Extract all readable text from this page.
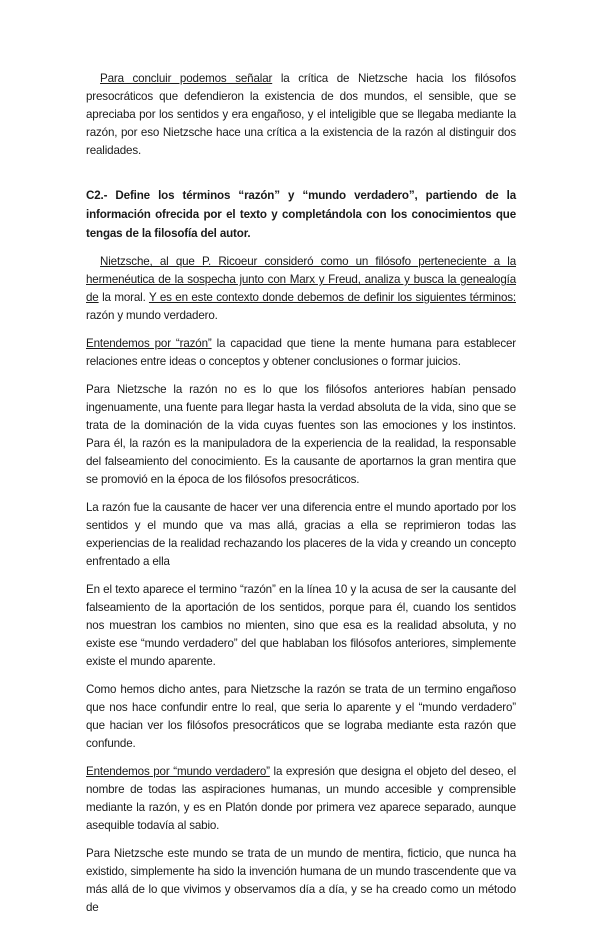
Para concluir podemos señalar la crítica de Nietzsche hacia los filósofos presocráticos que defendieron la existencia de dos mundos, el sensible, que se apreciaba por los sentidos y era engañoso, y el inteligible que se llegaba mediante la razón, por eso Nietzsche hace una crítica a la existencia de la razón al distinguir dos realidades.

C2.- Define los términos “razón” y “mundo verdadero”, partiendo de la información ofrecida por el texto y completándola con los conocimientos que tengas de la filosofía del autor.

Nietzsche, al que P. Ricoeur consideró como un filósofo perteneciente a la hermenéutica de la sospecha junto con Marx y Freud, analiza y busca la genealogía de la moral. Y es en este contexto donde debemos de definir los siguientes términos: razón y mundo verdadero.

Entendemos por “razón” la capacidad que tiene la mente humana para establecer relaciones entre ideas o conceptos y obtener conclusiones o formar juicios.

Para Nietzsche la razón no es lo que los filósofos anteriores habían pensado ingenuamente, una fuente para llegar hasta la verdad absoluta de la vida, sino que se trata de la dominación de la vida cuyas fuentes son las emociones y los instintos. Para él, la razón es la manipuladora de la experiencia de la realidad, la responsable del falseamiento del conocimiento. Es la causante de aportarnos la gran mentira que se promovió en la época de los filósofos presocráticos.

La razón fue la causante de hacer ver una diferencia entre el mundo aportado por los sentidos y el mundo que va mas allá, gracias a ella se reprimieron todas las experiencias de la realidad rechazando los placeres de la vida y creando un concepto enfrentado a ella

En el texto aparece el termino “razón” en la línea 10 y la acusa de ser la causante del falseamiento de la aportación de los sentidos, porque para él, cuando los sentidos nos muestran los cambios no mienten, sino que esa es la realidad absoluta, y no existe ese “mundo verdadero” del que hablaban los filósofos anteriores, simplemente existe el mundo aparente.

Como hemos dicho antes, para Nietzsche la razón se trata de un termino engañoso que nos hace confundir entre lo real, que seria lo aparente y el “mundo verdadero” que hacian ver los filósofos presocráticos que se lograba mediante esta razón que confunde.

Entendemos por “mundo verdadero” la expresión que designa el objeto del deseo, el nombre de todas las aspiraciones humanas, un mundo accesible y comprensible mediante la razón, y es en Platón donde por primera vez aparece separado, aunque asequible todavía al sabio.

Para Nietzsche este mundo se trata de un mundo de mentira, ficticio, que nunca ha existido, simplemente ha sido la invención humana de un mundo trascendente que va más allá de lo que vivimos y observamos día a día, y se ha creado como un método de
